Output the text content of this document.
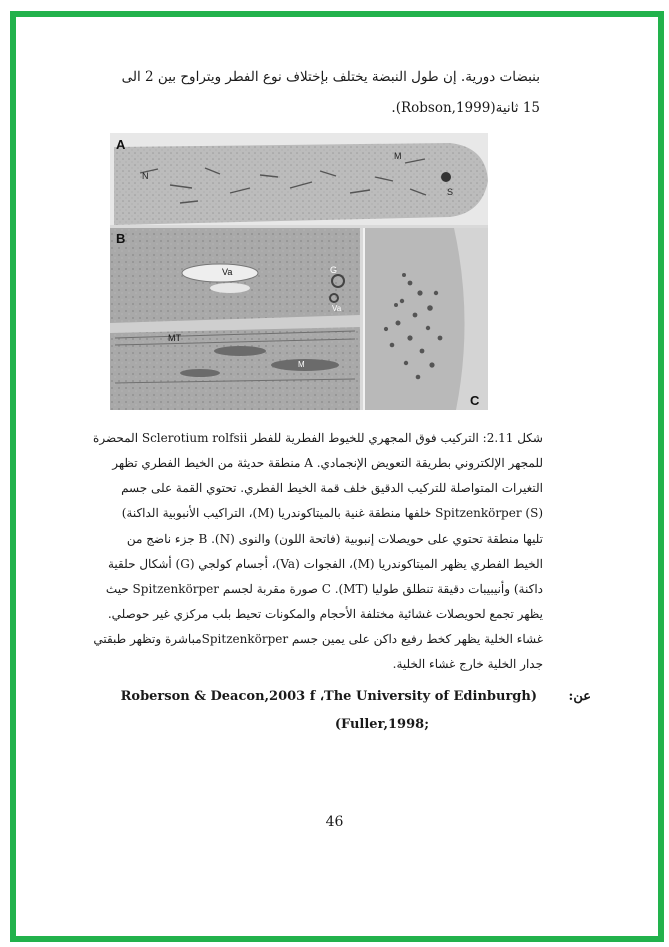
بنبضات دورية. إن طول النبضة يختلف بإختلاف نوع الفطر ويتراوح بين 2 الى
15 ثانية(Robson,1999).
A
N
M
S
B
Va	G
Va
MT
M
C
شكل 2.11: التركيب فوق المجهري للخيوط الفطرية للفطر Sclerotium rolfsii المحضرة
للمجهر الإلكتروني بطريقة التعويض الإنجمادي. A منطقة حديثة من الخيط الفطري تظهر
التغيرات المتواصلة للتركيب الدقيق خلف قمة الخيط الفطري. تحتوي القمة على جسم
(S) Spitzenkörper خلفها منطقة غنية بالميتاكوندريا (M)، التراكيب الأنبوبية الداكنة)
تليها منطقة تحتوي على حويصلات إنبوبية (فاتحة اللون) والنوى (N). B جزء ناضج من
الخيط الفطري يظهر الميتاكوندريا (M)، الفجوات (Va)، أجسام كولجي (G) أشكال حلقية
داكنة) وأنيبيبات دقيقة تنطلق طوليا (MT). C صورة مقربة لجسم Spitzenkörper حيث
يظهر تجمع لحويصلات غشائية مختلفة الأحجام والمكونات تحيط بلب مركزي غير حوصلي.
غشاء الخلية يظهر كخط رفيع داكن على يمين جسم Spitzenkörperمباشرة وتظهر طبقتي
جدار الخلية خارج غشاء الخلية.
Roberson & Deacon,2003 f ،The University of Edinburgh) عن:
(Fuller,1998;
46
